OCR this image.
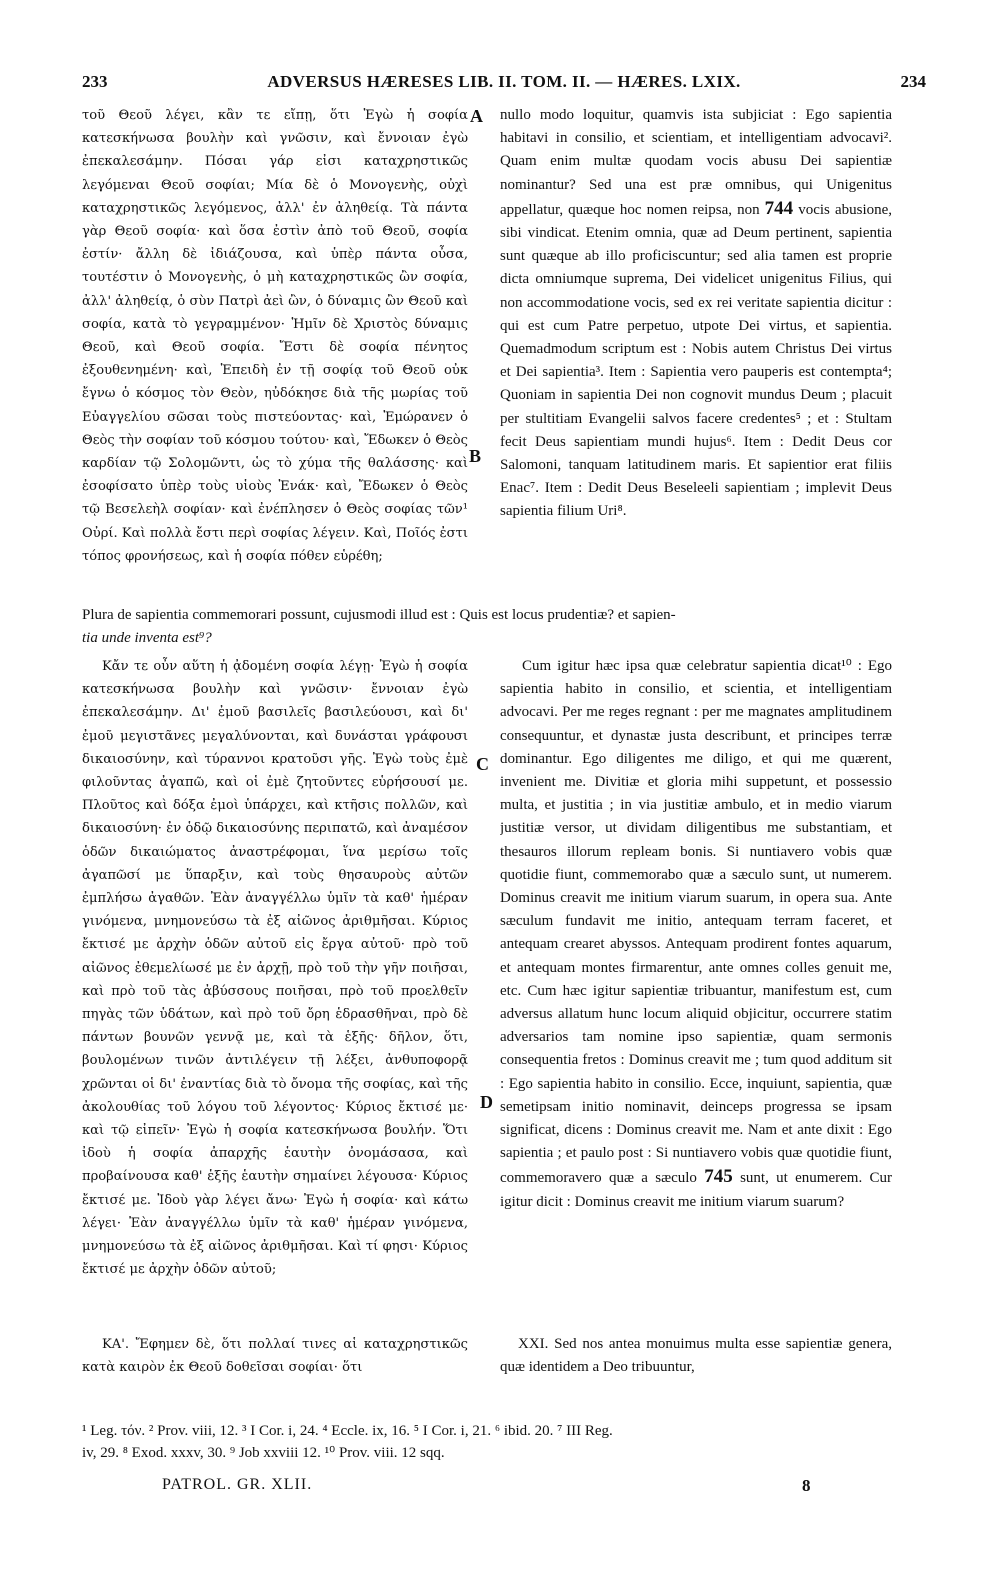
233	ADVERSUS HÆRESES LIB. II. TOM. II. — HÆRES. LXIX.	234

τοῦ Θεοῦ λέγει, κἂν τε εἴπῃ, ὅτι Ἐγὼ ἡ σοφία κατεσκήνωσα βουλὴν καὶ γνῶσιν, καὶ ἔννοιαν ἐγὼ ἐπεκαλεσάμην. Πόσαι γάρ εἰσι καταχρηστικῶς λεγόμεναι Θεοῦ σοφίαι; Μία δὲ ὁ Μονογενὴς, οὐχὶ καταχρηστικῶς λεγόμενος, ἀλλ' ἐν ἀληθείᾳ. Τὰ πάντα γὰρ Θεοῦ σοφία· καὶ ὅσα ἐστὶν ἀπὸ τοῦ Θεοῦ, σοφία ἐστίν· ἄλλη δὲ ἰδιάζουσα, καὶ ὑπὲρ πάντα οὖσα, τουτέστιν ὁ Μονογενὴς, ὁ μὴ καταχρηστικῶς ὢν σοφία, ἀλλ' ἀληθείᾳ, ὁ σὺν Πατρὶ ἀεὶ ὢν, ὁ δύναμις ὢν Θεοῦ καὶ σοφία, κατὰ τὸ γεγραμμένον· Ἡμῖν δὲ Χριστὸς δύναμις Θεοῦ, καὶ Θεοῦ σοφία. Ἔστι δὲ σοφία πένητος ἐξουθενημένη· καὶ, Ἐπειδὴ ἐν τῇ σοφίᾳ τοῦ Θεοῦ οὐκ ἔγνω ὁ κόσμος τὸν Θεὸν, ηὐδόκησε διὰ τῆς μωρίας τοῦ Εὐαγγελίου σῶσαι τοὺς πιστεύοντας· καὶ, Ἐμώρανεν ὁ Θεὸς τὴν σοφίαν τοῦ κόσμου τούτου· καὶ, Ἔδωκεν ὁ Θεὸς καρδίαν τῷ Σολομῶντι, ὡς τὸ χύμα τῆς θαλάσσης· καὶ ἐσοφίσατο ὑπὲρ τοὺς υἱοὺς Ἐνάκ· καὶ, Ἔδωκεν ὁ Θεὸς τῷ Βεσελεὴλ σοφίαν· καὶ ἐνέπλησεν ὁ Θεὸς σοφίας τῶν¹ Οὐρί. Καὶ πολλὰ ἔστι περὶ σοφίας λέγειν. Καὶ, Ποῖός ἐστι τόπος φρονήσεως, καὶ ἡ σοφία πόθεν εὑρέθη;

nullo modo loquitur, quamvis ista subjiciat : Ego sapientia habitavi in consilio, et scientiam, et intelligentiam advocavi². Quam enim multæ quodam vocis abusu Dei sapientiæ nominantur? Sed una est præ omnibus, qui Unigenitus appellatur, quæque hoc nomen reipsa, non 744 vocis abusione, sibi vindicat. Etenim omnia, quæ ad Deum pertinent, sapientia sunt quæque ab illo proficiscuntur; sed alia tamen est proprie dicta omniumque suprema, Dei videlicet unigenitus Filius, qui non accommodatione vocis, sed ex rei veritate sapientia dicitur : qui est cum Patre perpetuo, utpote Dei virtus, et sapientia. Quemadmodum scriptum est : Nobis autem Christus Dei virtus et Dei sapientia³. Item : Sapientia vero pauperis est contempta⁴; Quoniam in sapientia Dei non cognovit mundus Deum ; placuit per stultitiam Evangelii salvos facere credentes⁵ ; et : Stultam fecit Deus sapientiam mundi hujus⁶. Item : Dedit Deus cor Salomoni, tanquam latitudinem maris. Et sapientior erat filiis Enac⁷. Item : Dedit Deus Beseleeli sapientiam ; implevit Deus sapientia filium Uri⁸.

A
B
C
D
Plura de sapientia commemorari possunt, cujusmodi illud est : Quis est locus prudentiæ? et sapien-
tia unde inventa est⁹?

Κἄν τε οὖν αὕτη ἡ ᾀδομένη σοφία λέγῃ· Ἐγὼ ἡ σοφία κατεσκήνωσα βουλὴν καὶ γνῶσιν· ἔννοιαν ἐγὼ ἐπεκαλεσάμην. Δι' ἐμοῦ βασιλεῖς βασιλεύουσι, καὶ δι' ἐμοῦ μεγιστᾶνες μεγαλύνονται, καὶ δυνάσται γράφουσι δικαιοσύνην, καὶ τύραννοι κρατοῦσι γῆς. Ἐγὼ τοὺς ἐμὲ φιλοῦντας ἀγαπῶ, καὶ οἱ ἐμὲ ζητοῦντες εὑρήσουσί με. Πλοῦτος καὶ δόξα ἐμοὶ ὑπάρχει, καὶ κτῆσις πολλῶν, καὶ δικαιοσύνη· ἐν ὁδῷ δικαιοσύνης περιπατῶ, καὶ ἀναμέσον ὁδῶν δικαιώματος ἀναστρέφομαι, ἵνα μερίσω τοῖς ἀγαπῶσί με ὕπαρξιν, καὶ τοὺς θησαυροὺς αὐτῶν ἐμπλήσω ἀγαθῶν. Ἐὰν ἀναγγέλλω ὑμῖν τὰ καθ' ἡμέραν γινόμενα, μνημονεύσω τὰ ἐξ αἰῶνος ἀριθμῆσαι. Κύριος ἔκτισέ με ἀρχὴν ὁδῶν αὐτοῦ εἰς ἔργα αὐτοῦ· πρὸ τοῦ αἰῶνος ἐθεμελίωσέ με ἐν ἀρχῇ, πρὸ τοῦ τὴν γῆν ποιῆσαι, καὶ πρὸ τοῦ τὰς ἀβύσσους ποιῆσαι, πρὸ τοῦ προελθεῖν πηγὰς τῶν ὑδάτων, καὶ πρὸ τοῦ ὄρη ἑδρασθῆναι, πρὸ δὲ πάντων βουνῶν γεννᾷ με, καὶ τὰ ἑξῆς· δῆλον, ὅτι, βουλομένων τινῶν ἀντιλέγειν τῇ λέξει, ἀνθυποφορᾷ χρῶνται οἱ δι' ἐναντίας διὰ τὸ ὄνομα τῆς σοφίας, καὶ τῆς ἀκολουθίας τοῦ λόγου τοῦ λέγοντος· Κύριος ἔκτισέ με· καὶ τῷ εἰπεῖν· Ἐγὼ ἡ σοφία κατεσκήνωσα βουλήν. Ὅτι ἰδοὺ ἡ σοφία ἀπαρχῆς ἑαυτὴν ὀνομάσασα, καὶ προβαίνουσα καθ' ἑξῆς ἑαυτὴν σημαίνει λέγουσα· Κύριος ἔκτισέ με. Ἰδοὺ γὰρ λέγει ἄνω· Ἐγὼ ἡ σοφία· καὶ κάτω λέγει· Ἐὰν ἀναγγέλλω ὑμῖν τὰ καθ' ἡμέραν γινόμενα, μνημονεύσω τὰ ἐξ αἰῶνος ἀριθμῆσαι. Καὶ τί φησι· Κύριος ἔκτισέ με ἀρχὴν ὁδῶν αὐτοῦ;

ΚΑ'. Ἔφημεν δὲ, ὅτι πολλαί τινες αἱ καταχρηστικῶς κατὰ καιρὸν ἐκ Θεοῦ δοθεῖσαι σοφίαι· ὅτι

Cum igitur hæc ipsa quæ celebratur sapientia dicat¹⁰ : Ego sapientia habito in consilio, et scientia, et intelligentiam advocavi. Per me reges regnant : per me magnates amplitudinem consequuntur, et dynastæ justa describunt, et principes terræ dominantur. Ego diligentes me diligo, et qui me quærent, invenient me. Divitiæ et gloria mihi suppetunt, et possessio multa, et justitia ; in via justitiæ ambulo, et in medio viarum justitiæ versor, ut dividam diligentibus me substantiam, et thesauros illorum repleam bonis. Si nuntiavero vobis quæ quotidie fiunt, commemorabo quæ a sæculo sunt, ut numerem. Dominus creavit me initium viarum suarum, in opera sua. Ante sæculum fundavit me initio, antequam terram faceret, et antequam crearet abyssos. Antequam prodirent fontes aquarum, et antequam montes firmarentur, ante omnes colles genuit me, etc. Cum hæc igitur sapientiæ tribuantur, manifestum est, cum adversus allatum hunc locum aliquid objicitur, occurrere statim adversarios tam nomine ipso sapientiæ, quam sermonis consequentia fretos : Dominus creavit me ; tum quod additum sit : Ego sapientia habito in consilio. Ecce, inquiunt, sapientia, quæ semetipsam initio nominavit, deinceps progressa se ipsam significat, dicens : Dominus creavit me. Nam et ante dixit : Ego sapientia ; et paulo post : Si nuntiavero vobis quæ quotidie fiunt, commemoravero quæ a sæculo 745 sunt, ut enumerem. Cur igitur dicit : Dominus creavit me initium viarum suarum?

XXI. Sed nos antea monuimus multa esse sapientiæ genera, quæ identidem a Deo tribuuntur,

¹ Leg. τόν. ² Prov. viii, 12. ³ I Cor. i, 24. ⁴ Eccle. ix, 16. ⁵ I Cor. i, 21. ⁶ ibid. 20. ⁷ III Reg.
iv, 29. ⁸ Exod. xxxv, 30. ⁹ Job xxviii 12. ¹⁰ Prov. viii. 12 sqq.
PATROL. GR. XLII.	8
